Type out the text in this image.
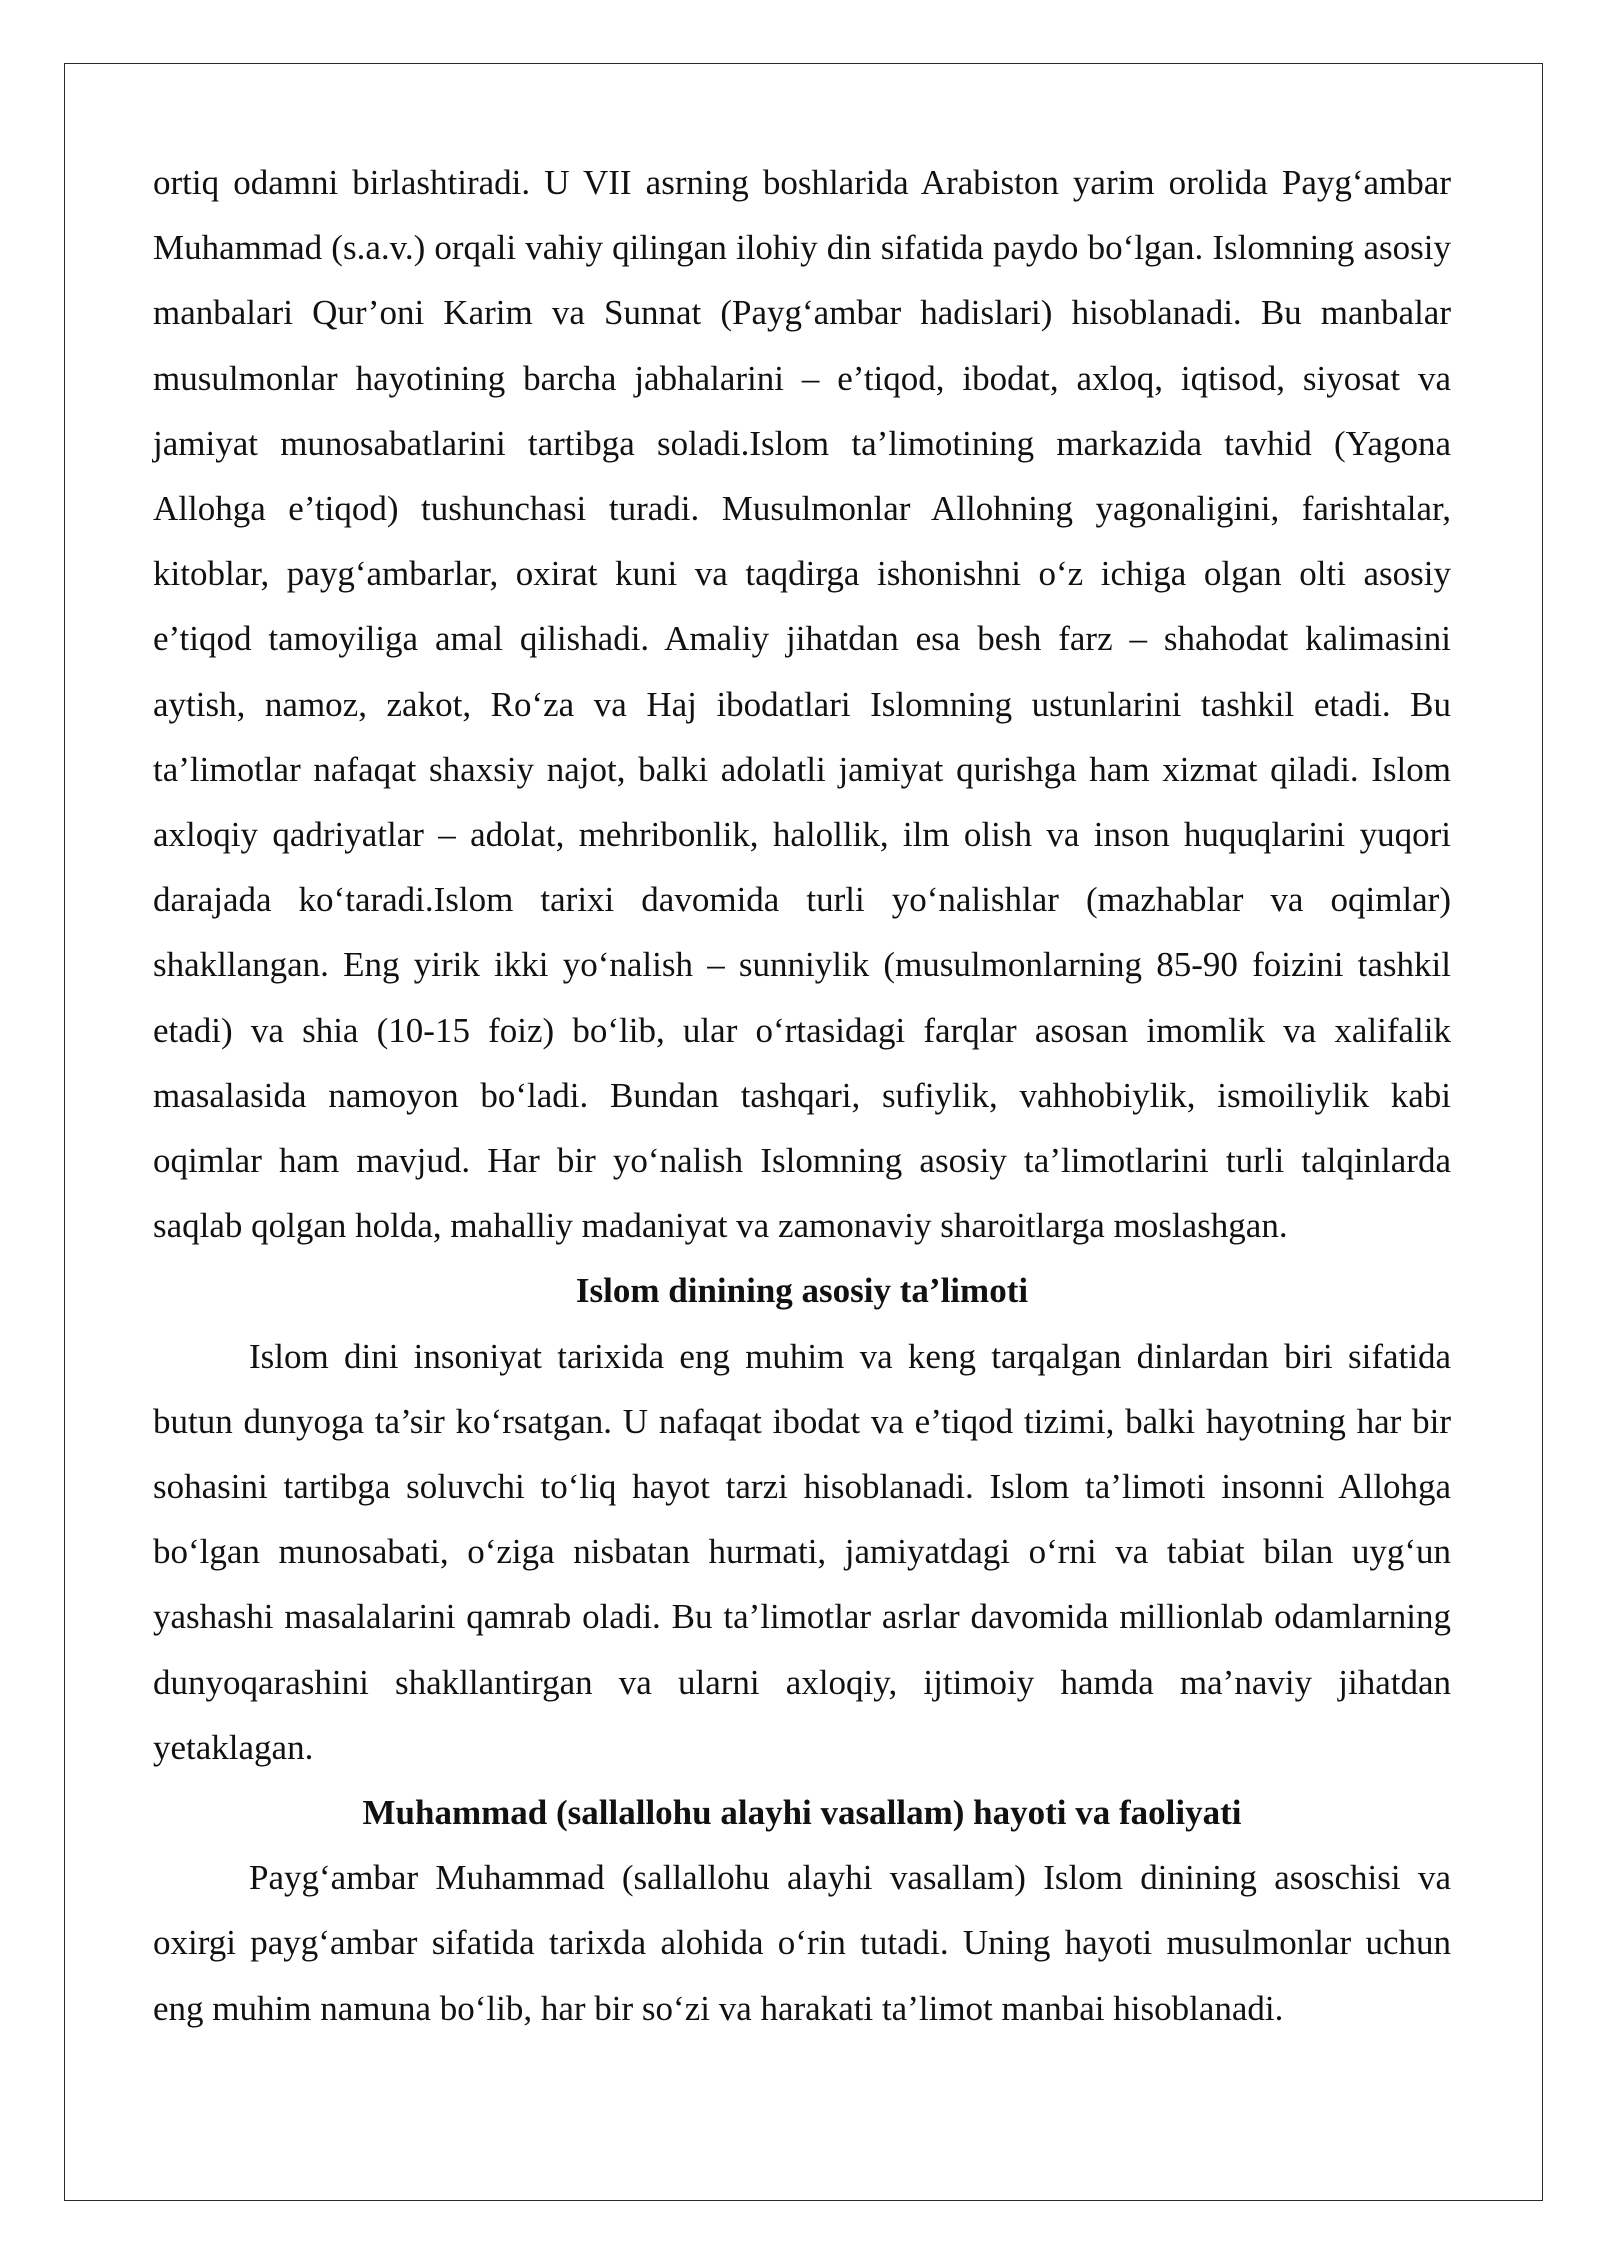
ortiq odamni birlashtiradi. U VII asrning boshlarida Arabiston yarim orolida Payg‘ambar Muhammad (s.a.v.) orqali vahiy qilingan ilohiy din sifatida paydo bo‘lgan. Islomning asosiy manbalari Qur’oni Karim va Sunnat (Payg‘ambar hadislari) hisoblanadi. Bu manbalar musulmonlar hayotining barcha jabhalarini – e’tiqod, ibodat, axloq, iqtisod, siyosat va jamiyat munosabatlarini tartibga soladi.Islom ta’limotining markazida tavhid (Yagona Allohga e’tiqod) tushunchasi turadi. Musulmonlar Allohning yagonaligini, farishtalar, kitoblar, payg‘ambarlar, oxirat kuni va taqdirga ishonishni o‘z ichiga olgan olti asosiy e’tiqod tamoyiliga amal qilishadi. Amaliy jihatdan esa besh farz – shahodat kalimasini aytish, namoz, zakot, Ro‘za va Haj ibodatlari Islomning ustunlarini tashkil etadi. Bu ta’limotlar nafaqat shaxsiy najot, balki adolatli jamiyat qurishga ham xizmat qiladi. Islom axloqiy qadriyatlar – adolat, mehribonlik, halollik, ilm olish va inson huquqlarini yuqori darajada ko‘taradi.Islom tarixi davomida turli yo‘nalishlar (mazhablar va oqimlar) shakllangan. Eng yirik ikki yo‘nalish – sunniylik (musulmonlarning 85-90 foizini tashkil etadi) va shia (10-15 foiz) bo‘lib, ular o‘rtasidagi farqlar asosan imomlik va xalifalik masalasida namoyon bo‘ladi. Bundan tashqari, sufiylik, vahhobiylik, ismoiliylik kabi oqimlar ham mavjud. Har bir yo‘nalish Islomning asosiy ta’limotlarini turli talqinlarda saqlab qolgan holda, mahalliy madaniyat va zamonaviy sharoitlarga moslashgan.

Islom dinining asosiy ta’limoti

Islom dini insoniyat tarixida eng muhim va keng tarqalgan dinlardan biri sifatida butun dunyoga ta’sir ko‘rsatgan. U nafaqat ibodat va e’tiqod tizimi, balki hayotning har bir sohasini tartibga soluvchi to‘liq hayot tarzi hisoblanadi. Islom ta’limoti insonni Allohga bo‘lgan munosabati, o‘ziga nisbatan hurmati, jamiyatdagi o‘rni va tabiat bilan uyg‘un yashashi masalalarini qamrab oladi. Bu ta’limotlar asrlar davomida millionlab odamlarning dunyoqarashini shakllantirgan va ularni axloqiy, ijtimoiy hamda ma’naviy jihatdan yetaklagan.

Muhammad (sallallohu alayhi vasallam) hayoti va faoliyati

Payg‘ambar Muhammad (sallallohu alayhi vasallam) Islom dinining asoschisi va oxirgi payg‘ambar sifatida tarixda alohida o‘rin tutadi. Uning hayoti musulmonlar uchun eng muhim namuna bo‘lib, har bir so‘zi va harakati ta’limot manbai hisoblanadi.
